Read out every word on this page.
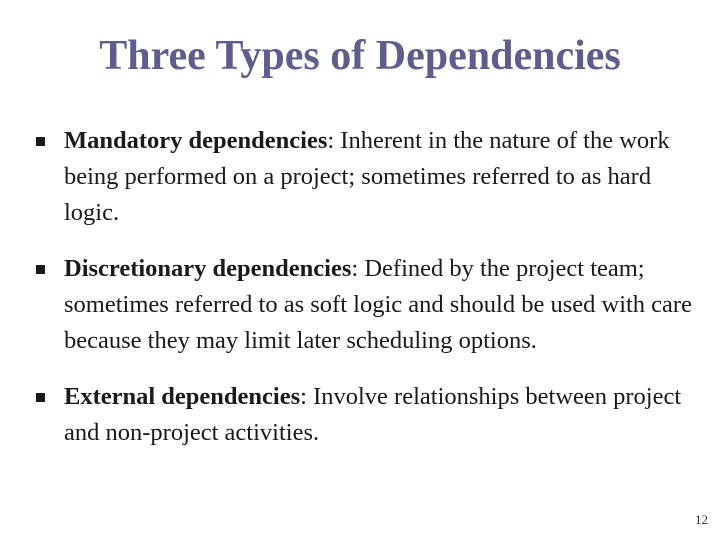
Three Types of Dependencies
Mandatory dependencies: Inherent in the nature of the work being performed on a project; sometimes referred to as hard logic.
Discretionary dependencies: Defined by the project team; sometimes referred to as soft logic and should be used with care because they may limit later scheduling options.
External dependencies: Involve relationships between project and non-project activities.
12
